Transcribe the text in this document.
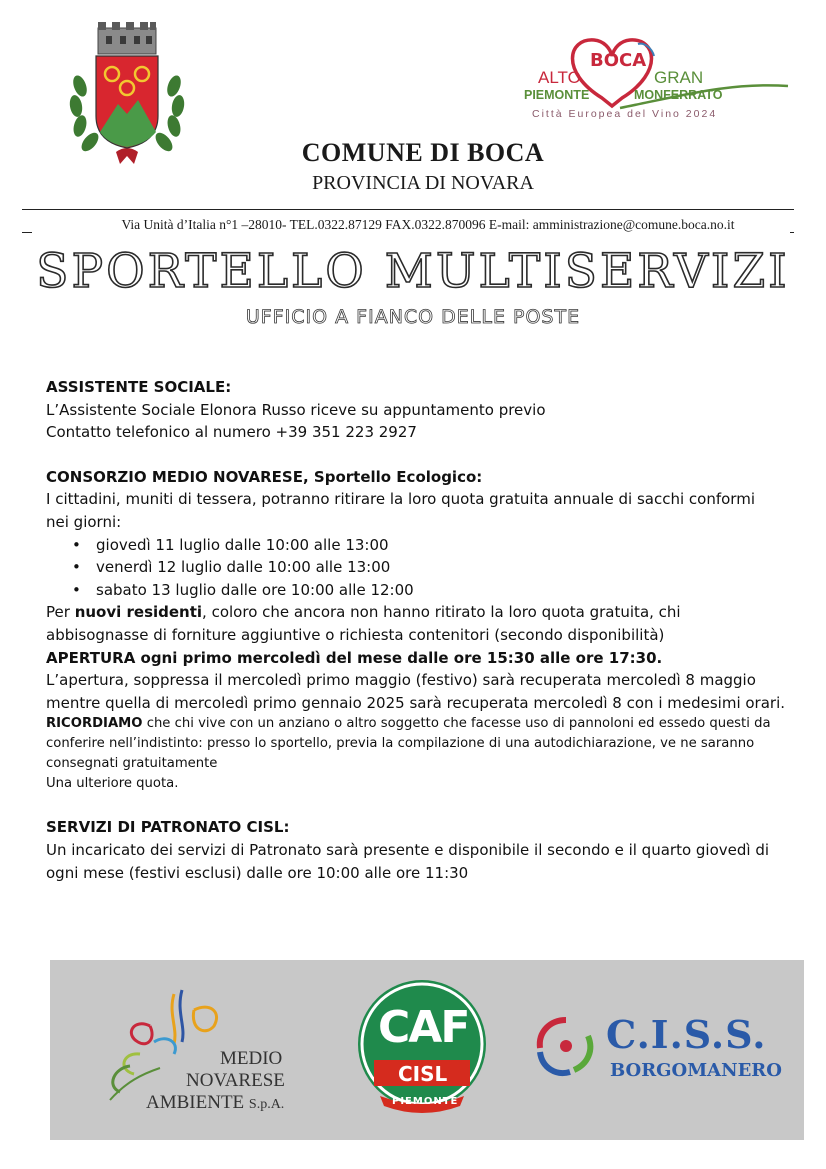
BOCA
ALTO
PIEMONTE
GRAN
MONFERRATO
Città Europea del Vino 2024
COMUNE DI BOCA
PROVINCIA DI NOVARA
Via Unità d’Italia n°1 –28010- TEL.0322.87129 FAX.0322.870096 E-mail: amministrazione@comune.boca.no.it
SPORTELLO MULTISERVIZI
UFFICIO A FIANCO DELLE POSTE
ASSISTENTE SOCIALE:
L’Assistente Sociale Elonora Russo riceve su appuntamento previo
Contatto telefonico al numero +39 351 223 2927
CONSORZIO MEDIO NOVARESE, Sportello Ecologico:
I cittadini, muniti di tessera, potranno ritirare la loro quota gratuita annuale di sacchi conformi nei giorni:
• giovedì 11 luglio dalle 10:00 alle 13:00
• venerdì 12 luglio dalle 10:00 alle 13:00
• sabato 13 luglio dalle ore 10:00 alle 12:00
Per nuovi residenti, coloro che ancora non hanno ritirato la loro quota gratuita, chi abbisognasse di forniture aggiuntive o richiesta contenitori (secondo disponibilità)
APERTURA ogni primo mercoledì del mese dalle ore 15:30 alle ore 17:30.
L’apertura, soppressa il mercoledì primo maggio (festivo) sarà recuperata mercoledì 8 maggio mentre quella di mercoledì primo gennaio 2025 sarà recuperata mercoledì 8 con i medesimi orari.
RICORDIAMO che chi vive con un anziano o altro soggetto che facesse uso di pannoloni ed essedo questi da conferire nell’indistinto: presso lo sportello, previa la compilazione di una autodichiarazione, ve ne saranno consegnati gratuitamente
Una ulteriore quota.
SERVIZI DI PATRONATO CISL:
Un incaricato dei servizi di Patronato sarà presente e disponibile il secondo e il quarto giovedì di ogni mese (festivi esclusi) dalle ore 10:00 alle ore 11:30
MEDIO
NOVARESE
AMBIENTE S.p.A.
CAF
CISL
PIEMONTE
C.I.S.S.
BORGOMANERO
